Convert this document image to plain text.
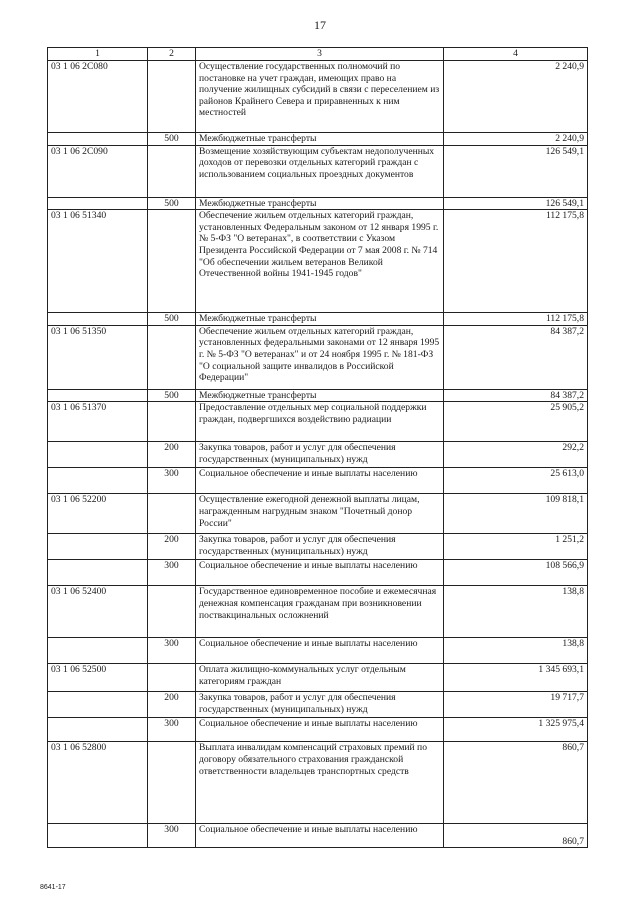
17
1	2	3	4
03 1 06 2С080		Осуществление государственных полномочий по постановке на учет граждан, имеющих право на получение жилищных субсидий в связи с переселением из районов Крайнего Севера и приравненных к ним местностей	2 240,9
	500	Межбюджетные трансферты	2 240,9
03 1 06 2С090		Возмещение хозяйствующим субъектам недополученных доходов от перевозки отдельных категорий граждан с использованием социальных проездных документов	126 549,1
	500	Межбюджетные трансферты	126 549,1
03 1 06 51340		Обеспечение жильем отдельных категорий граждан, установленных Федеральным законом от 12 января 1995 г. № 5-ФЗ "О ветеранах", в соответствии с Указом Президента Российской Федерации от 7 мая 2008 г. № 714 "Об обеспечении жильем ветеранов Великой Отечественной войны 1941-1945 годов"	112 175,8
	500	Межбюджетные трансферты	112 175,8
03 1 06 51350		Обеспечение жильем отдельных категорий граждан, установленных федеральными законами от 12 января 1995 г. № 5-ФЗ "О ветеранах" и от 24 ноября 1995 г. № 181-ФЗ "О социальной защите инвалидов в Российской Федерации"	84 387,2
	500	Межбюджетные трансферты	84 387,2
03 1 06 51370		Предоставление отдельных мер социальной поддержки граждан, подвергшихся воздействию радиации	25 905,2
	200	Закупка товаров, работ и услуг для обеспечения государственных (муниципальных) нужд	292,2
	300	Социальное обеспечение и иные выплаты населению	25 613,0
03 1 06 52200		Осуществление ежегодной денежной выплаты лицам, награжденным нагрудным знаком "Почетный донор России"	109 818,1
	200	Закупка товаров, работ и услуг для обеспечения государственных (муниципальных) нужд	1 251,2
	300	Социальное обеспечение и иные выплаты населению	108 566,9
03 1 06 52400		Государственное единовременное пособие и ежемесячная денежная компенсация гражданам при возникновении поствакцинальных осложнений	138,8
	300	Социальное обеспечение и иные выплаты населению	138,8
03 1 06 52500		Оплата жилищно-коммунальных услуг отдельным категориям граждан	1 345 693,1
	200	Закупка товаров, работ и услуг для обеспечения государственных (муниципальных) нужд	19 717,7
	300	Социальное обеспечение и иные выплаты населению	1 325 975,4
03 1 06 52800		Выплата инвалидам компенсаций страховых премий по договору обязательного страхования гражданской ответственности владельцев транспортных средств	860,7
	300	Социальное обеспечение и иные выплаты населению	860,7
8641-17
